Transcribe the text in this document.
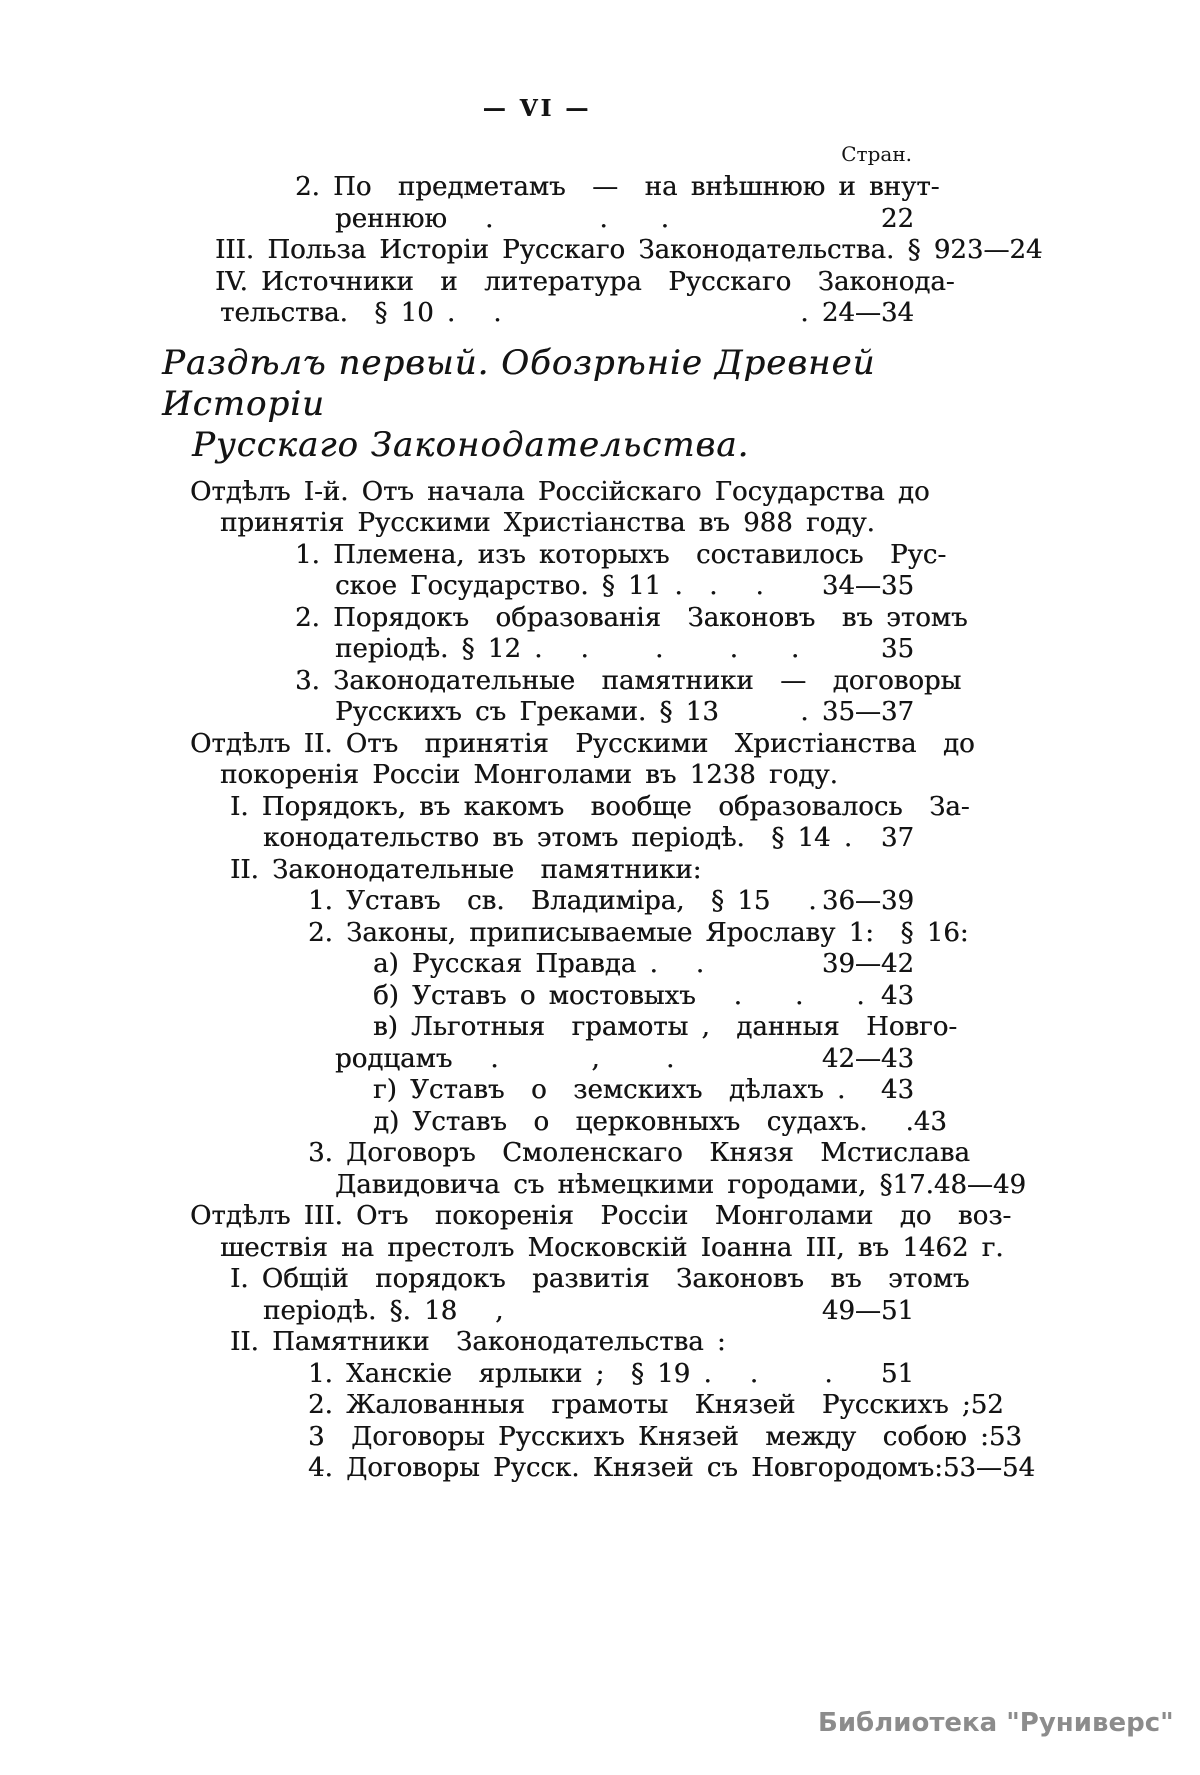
— VI —
Стран.
2. По  предметамъ  —  на внѣшнюю и внут-
реннюю .        .    .	22
III. Польза Исторіи Русскаго Законодательства. § 9 23—24
IV. Источники  и  литература  Русскаго  Законода-
тельства.  § 10 . .	. 24—34
Раздѣлъ первый. Обозрѣніе Древней Исторіи
Русскаго Законодательства.
Отдѣлъ I-й. Отъ начала Россійскаго Государства до
принятія Русскими Христіанства въ 988 году.
1. Племена, изъ которыхъ  составилось  Рус-
ское Государство. § 11 .  . . 34—35
2. Порядокъ  образованія  Законовъ  въ этомъ
періодѣ. § 12 . .     .     .    .	35
3. Законодательные  памятники  —  договоры
Русскихъ съ Греками. § 13	. 35—37
Отдѣлъ II. Отъ  принятія  Русскими  Христіанства  до
покоренія Россіи Монголами въ 1238 году.
I. Порядокъ, въ какомъ  вообще  образовалось  За-
конодательство въ этомъ періодѣ.  § 14 . 37
II. Законодательные  памятники:
1. Уставъ  св.  Владиміра,  § 15 . 36—39
2. Законы, приписываемые Ярославу 1:  § 16:
а) Русская Правда . .	39—42
б) Уставъ о мостовыхъ .    .    . 43
в) Льготныя  грамоты ,  данныя  Новго-
родцамъ .       ,     .	42—43
г) Уставъ  о  земскихъ  дѣлахъ . 43
д) Уставъ  о  церковныхъ  судахъ. . 43
3. Договоръ  Смоленскаго  Князя  Мстислава
Давидовича съ нѣмецкими городами, §17. 48—49
Отдѣлъ III. Отъ  покоренія  Россіи  Монголами  до  воз-
шествія на престолъ Московскій Іоанна III, въ 1462 г.
I. Общій  порядокъ  развитія  Законовъ  въ  этомъ
періодѣ. §. 18 ,	49—51
II. Памятники  Законодательства :
1. Ханскіе  ярлыки ;  § 19 . .     . 51
2. Жалованныя  грамоты  Князей  Русскихъ ; 52
3  Договоры Русскихъ Князей  между  собою : 53
4. Договоры Русск. Князей съ Новгородомъ: 53—54
Библиотека "Руниверс"
